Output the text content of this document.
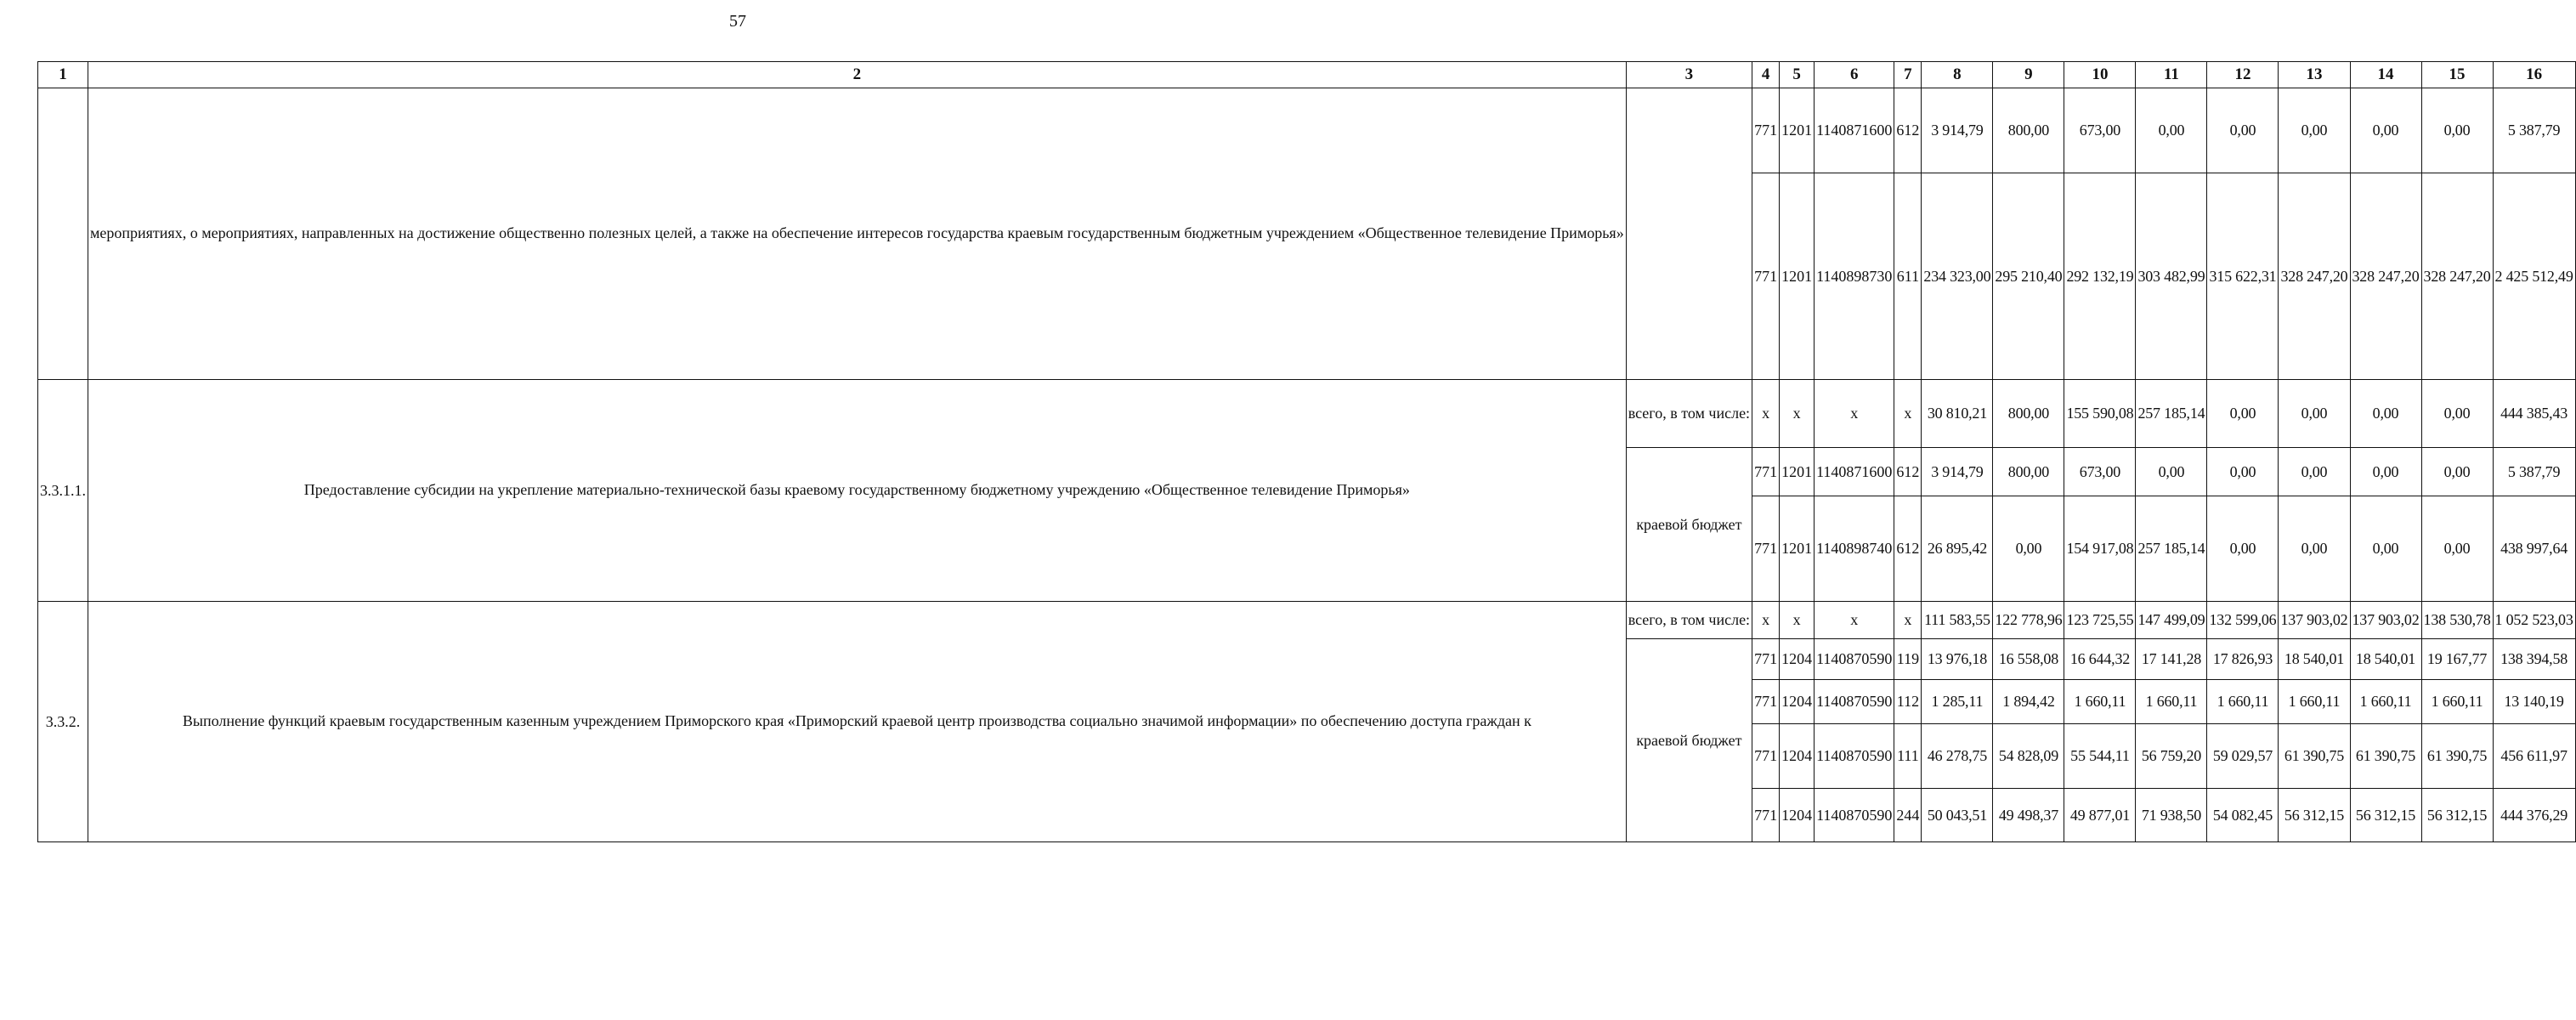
57
1	2	3	4	5	6	7	8	9	10	11	12	13	14	15	16
	мероприятиях, о мероприятиях, направленных на достижение общественно полезных целей, а также на обеспечение интересов государства краевым государственным бюджетным учреждением «Общественное телевидение Приморья»		771	1201	1140871600	612	3 914,79	800,00	673,00	0,00	0,00	0,00	0,00	0,00	5 387,79
			771	1201	1140898730	611	234 323,00	295 210,40	292 132,19	303 482,99	315 622,31	328 247,20	328 247,20	328 247,20	2 425 512,49
3.3.1.1.	Предоставление субсидии на укрепление материально-технической базы краевому государственному бюджетному учреждению «Общественное телевидение Приморья»	всего, в том числе:	x	x	x	x	30 810,21	800,00	155 590,08	257 185,14	0,00	0,00	0,00	0,00	444 385,43
		краевой бюджет	771	1201	1140871600	612	3 914,79	800,00	673,00	0,00	0,00	0,00	0,00	0,00	5 387,79
			771	1201	1140898740	612	26 895,42	0,00	154 917,08	257 185,14	0,00	0,00	0,00	0,00	438 997,64
3.3.2.	Выполнение функций краевым государственным казенным учреждением Приморского края «Приморский краевой центр производства социально значимой информации» по обеспечению доступа граждан к	всего, в том числе:	x	x	x	x	111 583,55	122 778,96	123 725,55	147 499,09	132 599,06	137 903,02	137 903,02	138 530,78	1 052 523,03
		краевой бюджет	771	1204	1140870590	119	13 976,18	16 558,08	16 644,32	17 141,28	17 826,93	18 540,01	18 540,01	19 167,77	138 394,58
			771	1204	1140870590	112	1 285,11	1 894,42	1 660,11	1 660,11	1 660,11	1 660,11	1 660,11	1 660,11	13 140,19
			771	1204	1140870590	111	46 278,75	54 828,09	55 544,11	56 759,20	59 029,57	61 390,75	61 390,75	61 390,75	456 611,97
			771	1204	1140870590	244	50 043,51	49 498,37	49 877,01	71 938,50	54 082,45	56 312,15	56 312,15	56 312,15	444 376,29
